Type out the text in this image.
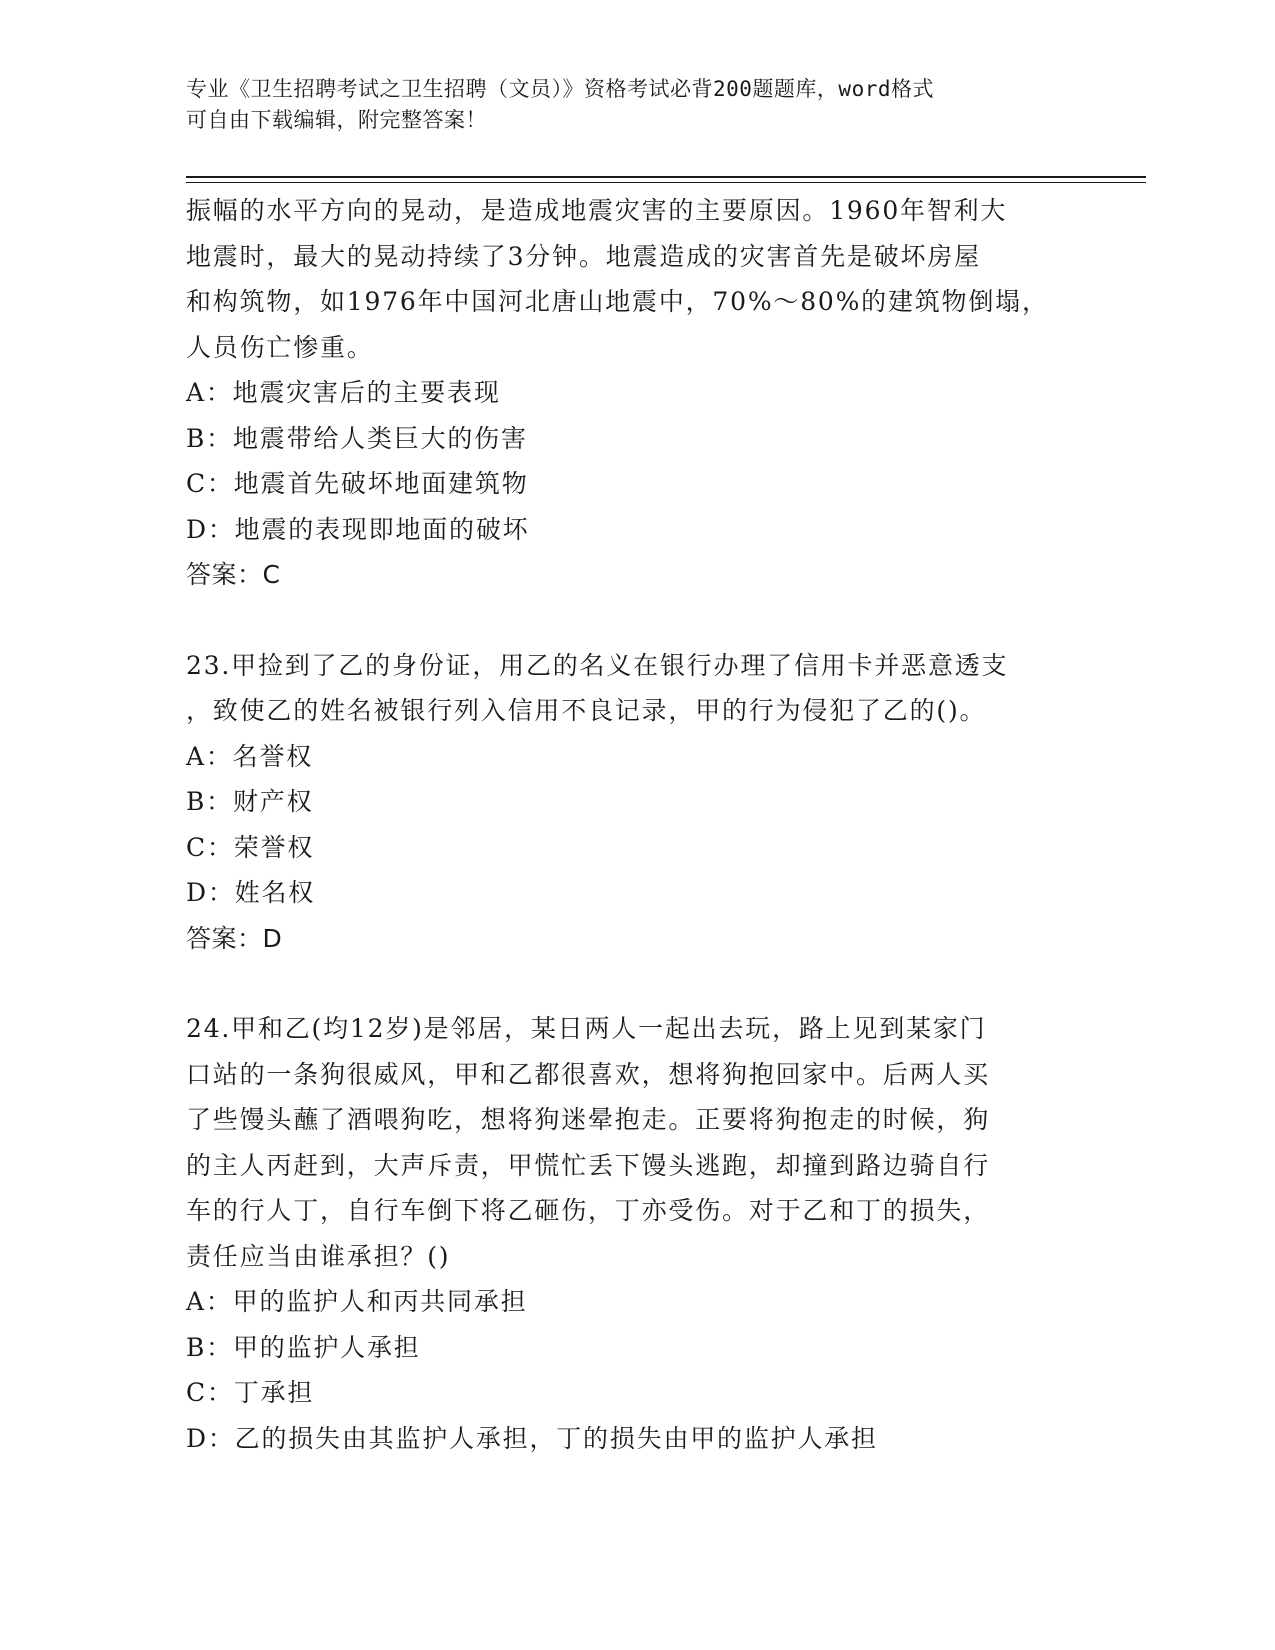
专业《卫生招聘考试之卫生招聘（文员）》资格考试必背200题题库，word格式
可自由下载编辑，附完整答案！
振幅的水平方向的晃动，是造成地震灾害的主要原因。1960年智利大
地震时，最大的晃动持续了3分钟。地震造成的灾害首先是破坏房屋
和构筑物，如1976年中国河北唐山地震中，70%～80%的建筑物倒塌，
人员伤亡惨重。
A：地震灾害后的主要表现
B：地震带给人类巨大的伤害
C：地震首先破坏地面建筑物
D：地震的表现即地面的破坏
答案：C
23.甲捡到了乙的身份证，用乙的名义在银行办理了信用卡并恶意透支
，致使乙的姓名被银行列入信用不良记录，甲的行为侵犯了乙的()。
A：名誉权
B：财产权
C：荣誉权
D：姓名权
答案：D
24.甲和乙(均12岁)是邻居，某日两人一起出去玩，路上见到某家门
口站的一条狗很威风，甲和乙都很喜欢，想将狗抱回家中。后两人买
了些馒头蘸了酒喂狗吃，想将狗迷晕抱走。正要将狗抱走的时候，狗
的主人丙赶到，大声斥责，甲慌忙丢下馒头逃跑，却撞到路边骑自行
车的行人丁，自行车倒下将乙砸伤，丁亦受伤。对于乙和丁的损失，
责任应当由谁承担？()
A：甲的监护人和丙共同承担
B：甲的监护人承担
C：丁承担
D：乙的损失由其监护人承担，丁的损失由甲的监护人承担
